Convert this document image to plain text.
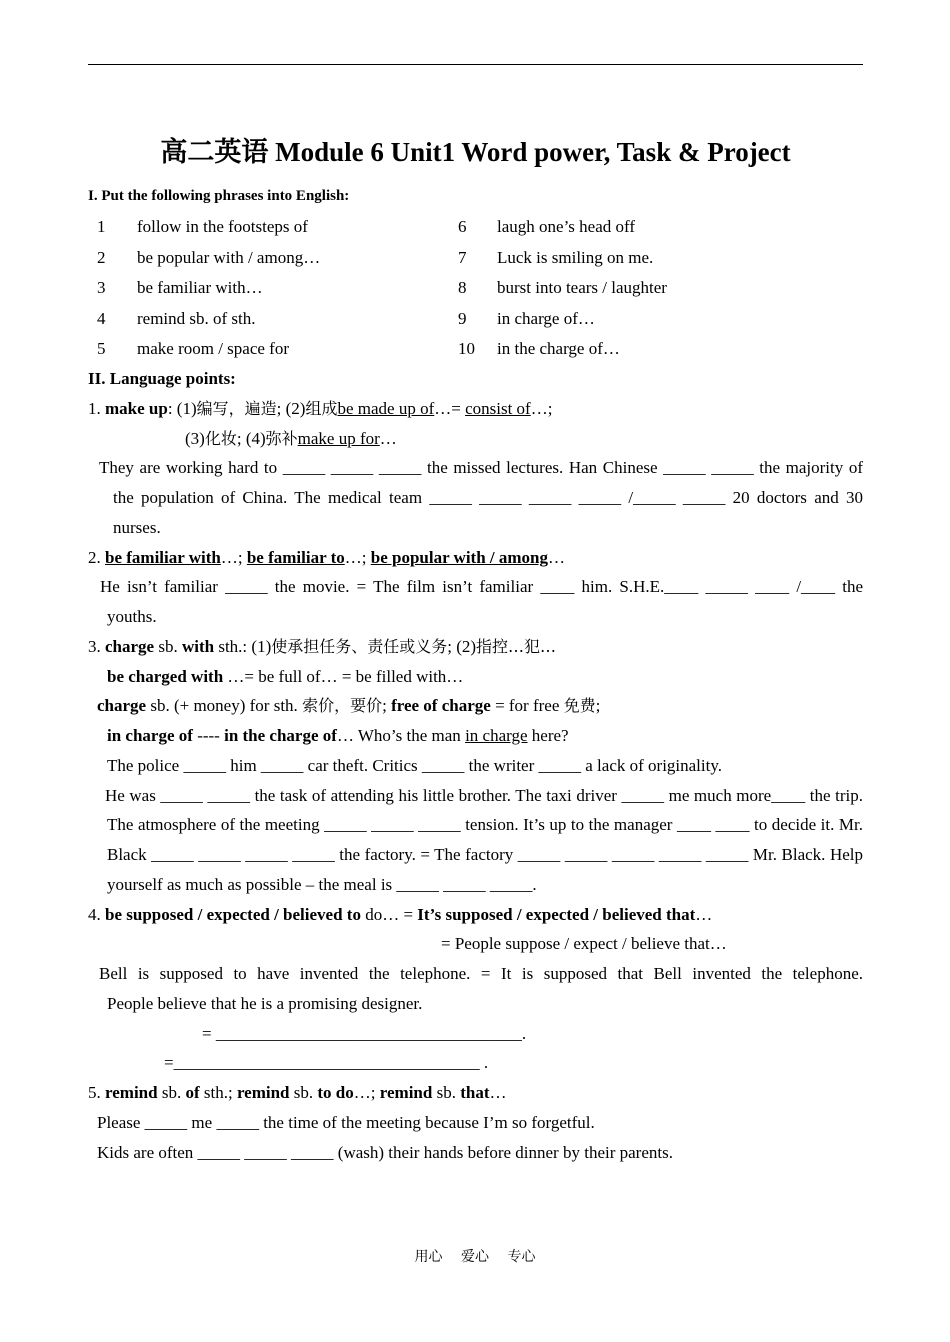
高二英语 Module 6 Unit1 Word power, Task & Project
I. Put the following phrases into English:
1 follow in the footsteps of	6 laugh one’s head off
2 be popular with / among…	7 Luck is smiling on me.
3 be familiar with…	8 burst into tears / laughter
4 remind sb. of sth.	9 in charge of…
5 make room / space for	10 in the charge of…
II. Language points:
1. make up: (1)编写，遍造; (2)组成be made up of…= consist of…;
(3)化妆; (4)弥补make up for…
They are working hard to _____ _____ _____ the missed lectures. Han Chinese _____ _____ the majority of the population of China. The medical team _____ _____ _____ _____ /_____ _____ 20 doctors and 30 nurses.
2. be familiar with…; be familiar to…; be popular with / among…
He isn’t familiar _____ the movie. = The film isn’t familiar ____ him. S.H.E.____ _____ ____ /____ the youths.
3. charge sb. with sth.: (1)使承担任务、责任或义务; (2)指控…犯…
be charged with …= be full of… = be filled with…
charge sb. (+ money) for sth. 索价，要价; free of charge = for free 免费;
in charge of ---- in the charge of… Who’s the man in charge here?
The police _____ him _____ car theft. Critics _____ the writer _____ a lack of originality.
He was _____ _____ the task of attending his little brother. The taxi driver _____ me much more____ the trip. The atmosphere of the meeting _____ _____ _____ tension. It’s up to the manager ____ ____ to decide it. Mr. Black _____ _____ _____ _____ the factory. = The factory _____ _____ _____ _____ _____ Mr. Black. Help yourself as much as possible – the meal is _____ _____ _____.
4. be supposed / expected / believed to do… = It’s supposed / expected / believed that…
= People suppose / expect / believe that…
Bell is supposed to have invented the telephone. = It is supposed that Bell invented the telephone.
People believe that he is a promising designer.
= ____________________________________.
=____________________________________ .
5. remind sb. of sth.; remind sb. to do…; remind sb. that…
Please _____ me _____ the time of the meeting because I’m so forgetful.
Kids are often _____ _____ _____ (wash) their hands before dinner by their parents.
用心 爱心 专心
